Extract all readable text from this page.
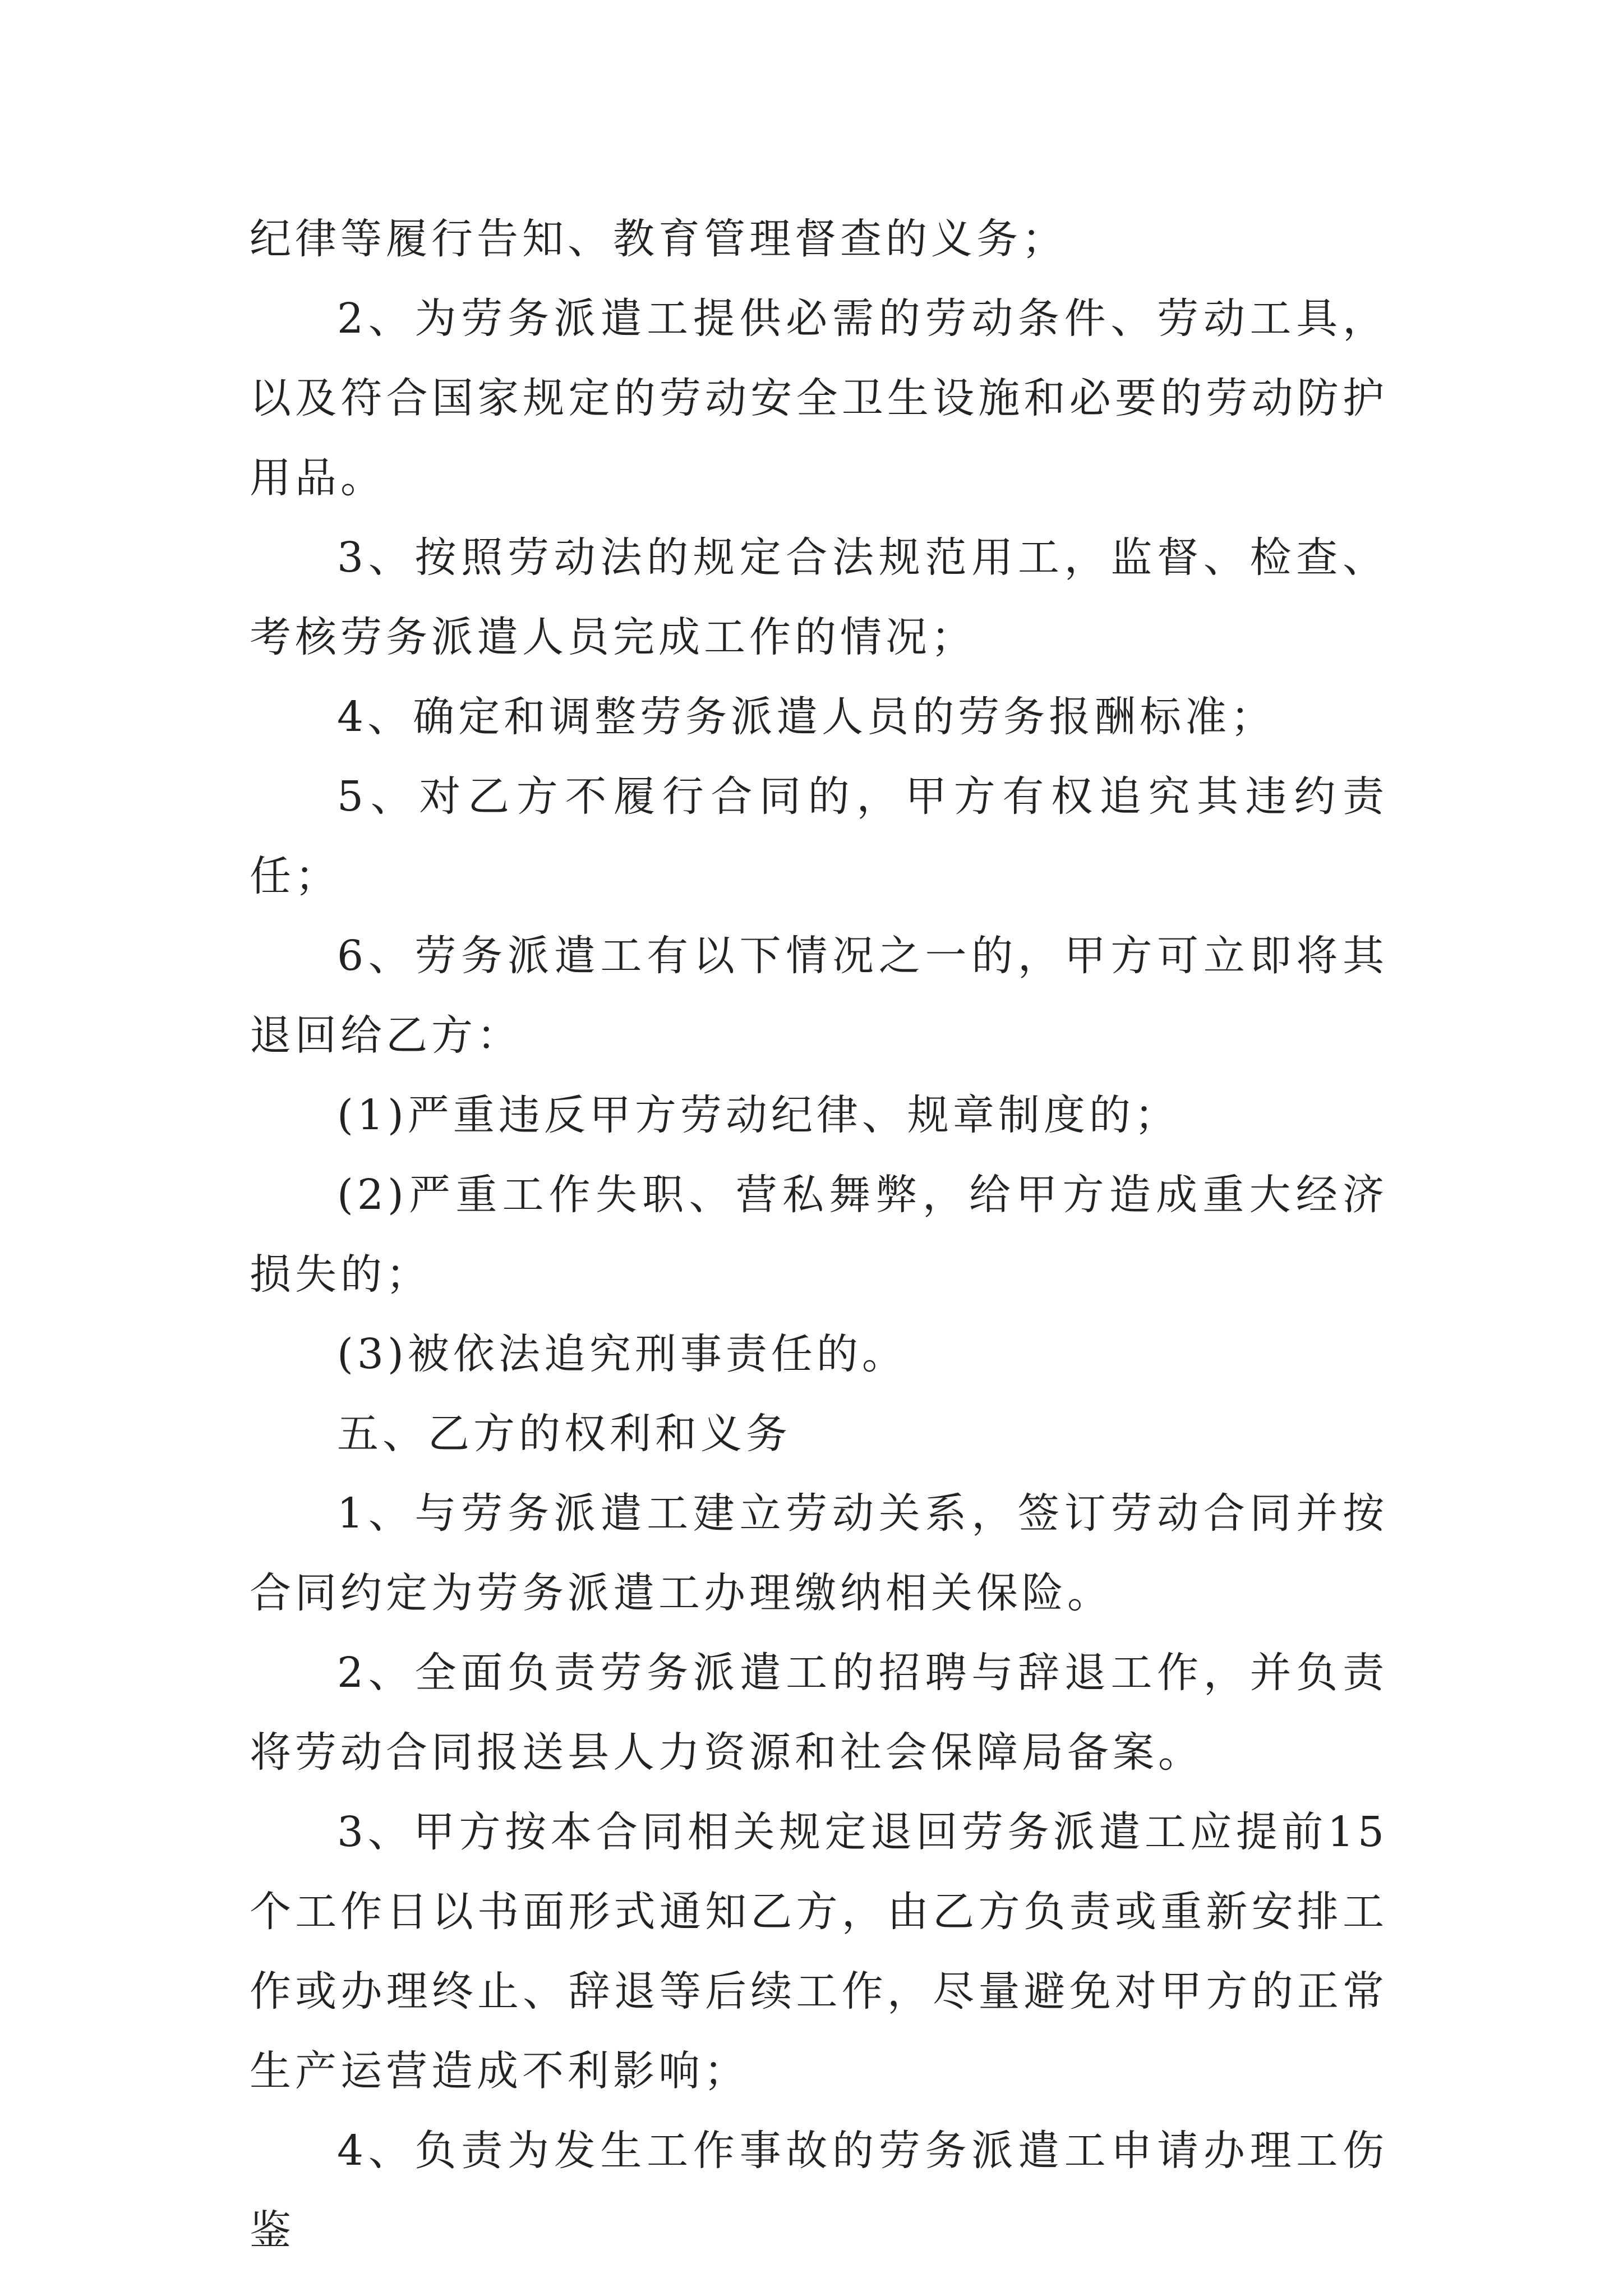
纪律等履行告知、教育管理督查的义务；

2、为劳务派遣工提供必需的劳动条件、劳动工具，以及符合国家规定的劳动安全卫生设施和必要的劳动防护用品。

3、按照劳动法的规定合法规范用工，监督、检查、考核劳务派遣人员完成工作的情况；

4、确定和调整劳务派遣人员的劳务报酬标准；

5、对乙方不履行合同的，甲方有权追究其违约责任；

6、劳务派遣工有以下情况之一的，甲方可立即将其退回给乙方：

(1)严重违反甲方劳动纪律、规章制度的；

(2)严重工作失职、营私舞弊，给甲方造成重大经济损失的；

(3)被依法追究刑事责任的。

五、乙方的权利和义务

1、与劳务派遣工建立劳动关系，签订劳动合同并按合同约定为劳务派遣工办理缴纳相关保险。

2、全面负责劳务派遣工的招聘与辞退工作，并负责将劳动合同报送县人力资源和社会保障局备案。

3、甲方按本合同相关规定退回劳务派遣工应提前15个工作日以书面形式通知乙方，由乙方负责或重新安排工作或办理终止、辞退等后续工作，尽量避免对甲方的正常生产运营造成不利影响；

4、负责为发生工作事故的劳务派遣工申请办理工伤鉴
